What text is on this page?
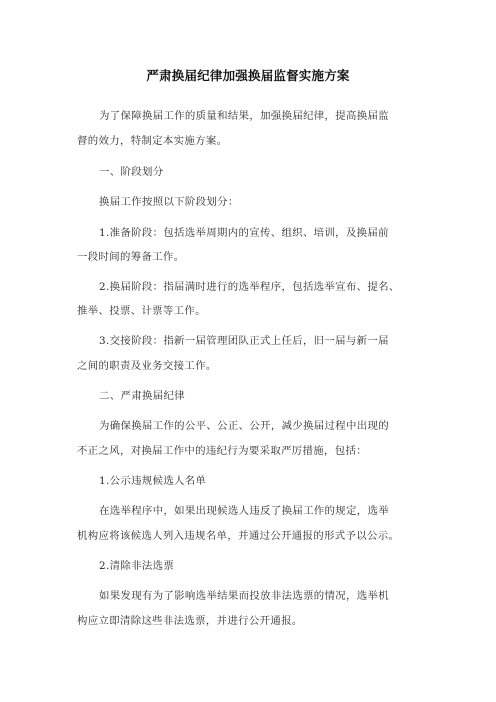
严肃换届纪律加强换届监督实施方案
为了保障换届工作的质量和结果，加强换届纪律，提高换届监
督的效力，特制定本实施方案。
一、阶段划分
换届工作按照以下阶段划分：
1.准备阶段：包括选举周期内的宣传、组织、培训，及换届前
一段时间的筹备工作。
2.换届阶段：指届满时进行的选举程序，包括选举宣布、提名、
推举、投票、计票等工作。
3.交接阶段：指新一届管理团队正式上任后，旧一届与新一届
之间的职责及业务交接工作。
二、严肃换届纪律
为确保换届工作的公平、公正、公开，减少换届过程中出现的
不正之风，对换届工作中的违纪行为要采取严厉措施，包括：
1.公示违规候选人名单
在选举程序中，如果出现候选人违反了换届工作的规定，选举
机构应将该候选人列入违规名单，并通过公开通报的形式予以公示。
2.清除非法选票
如果发现有为了影响选举结果而投放非法选票的情况，选举机
构应立即清除这些非法选票，并进行公开通报。
